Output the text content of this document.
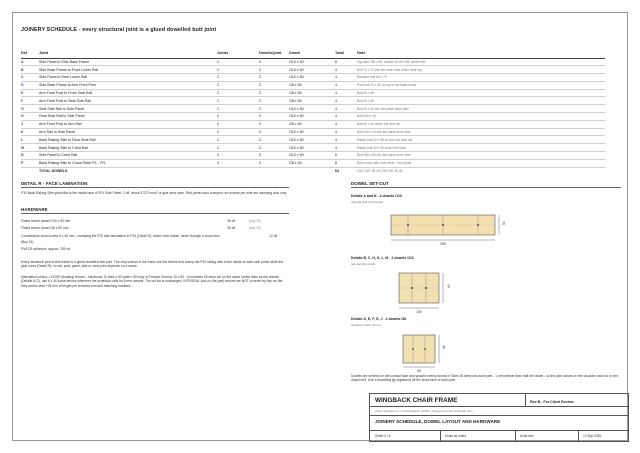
JOINERY SCHEDULE - every structural joint is a glued dowelled butt joint
Det	Joint	Joints	Dowels/joint	Dowel	Total	Note
A	Side Panel to Side Base Frame	2	3	O10 x 50	6	Lay face 255 x 50; dowels on the 255 centre line
B	Side Base Frame to Front Lower Rail	2	2	O10 x 50	4	Butt 70 x 70 into the inner face of the front leg
C	Side Panel to Rear Lower Rail	2	2	O10 x 50	4	Rebated butt 60 x 70
D	Side Base Frame to Arm Front Post	2	2	O8 x 50	4	Post butt 70 x 30 on top of the base frame
E	Arm Front Post to Front Seat Rail	2	2	O8 x 50	4	Butt 40 x 40
F	Arm Front Post to Seat Side Rail	2	2	O8 x 50	4	Butt 40 x 40
G	Seat Side Rail to Side Panel	2	2	O10 x 50	4	Butt 40 x 40 into the panel inner face
H	Rear Seat Rail to Side Panel	2	2	O10 x 50	4	Butt 150 x 40
J	Arm Front Post to Arm Rail	2	2	O8 x 50	4	Butt 60 x 40 under the arm rail
K	Arm Rail to Side Panel	2	2	O10 x 50	4	Butt 150 x 40 into the panel inner face
L	Back Raking Stile to Rear Seat Rail	2	2	O10 x 50	4	Raked butt 60 x 35 on the rear seat rail
M	Back Raking Stile to Crest Rail	2	2	O10 x 50	4	Raked butt 40 x 30 under the crest
N	Side Panel to Crest Rail	2	3	O10 x 50	6	Butt 255 x 50 into the panel inner face
P	Back Raking Stile to Cross Rails P/1 - P/2	4	2	O8 x 50	8	Both cross rails, both ends - four joints
	TOTAL DOWELS				64	O10 x 50: 38 off; O8 x 50: 26 off
DETAIL R - FACE LAMINATION
P10 Back Raking Stile glued flat to the inside face of P01 Side Panel: 2 off, about 57270 mm2 of glue area each. Rub jointed and cramped; six screws per side are clamping aids only.
HARDWARE
Fluted beech dowel O10 x 50 mm	38 off	(buy 40)
Fluted beech dowel O8 x 50 mm	26 off	(buy 30)
Countersunk wood screw 5 x 45 mm - cramping the P10 stile lamination to P01 (Detail R); driven from inside, never through a show face	12 off
(Buy 16)
PVA D3 adhesive, approx. 250 ml
Every structural joint in this frame is a glued dowelled butt joint. The only screws in the frame are the twelve that cramp the P10 raking stile to the inside of each side panel while the glue cures (Detail R); no rail, post, panel, stile or crest joint depends on a screw.
Alternative joinery: LOOSE (floating) tenons - hardwood 10 thick x 50 wide x 50 long, to Festool Domino 10 x 50 - in mortises 26 deep cut on the same centre lines as the dowels (Details A-G), use 6 x 40 loose tenons wherever the schedule calls for 8 mm dowels. The cut list is unchanged. INTEGRAL (cut-on-the-part) tenons are NOT covered by this cut list: they would need +25 mm of length per tenoned end and matching mortises.
DOWEL SET-OUT
Details A and N - 3 dowels O10
dog leg and crest joints
255
50
Details B, C, H, K, L, M - 2 dowels O10
rail and stile ends
100
40
Details D, E, F, G, J - 2 dowels O8
sections under 40 mm
60
40
Dowels are centred on the contact face and spaced evenly across it. Bore 26 deep into each part - 1 mm deeper than half the dowel - so the joint closes on the shoulder and not on the dowel end. Use a dowelling jig registered off the show face of each part.
WINGBACK CHAIR FRAME	Rev B - For Client Review
Client: Branden G. | Cad Drawlink 10396 | Prepared by Ahmet Burak Yeni
JOINERY SCHEDULE, DOWEL LAYOUT AND HARDWARE
Sheet 3 / 6	Scale as noted	Units mm	12 Sep 2026
